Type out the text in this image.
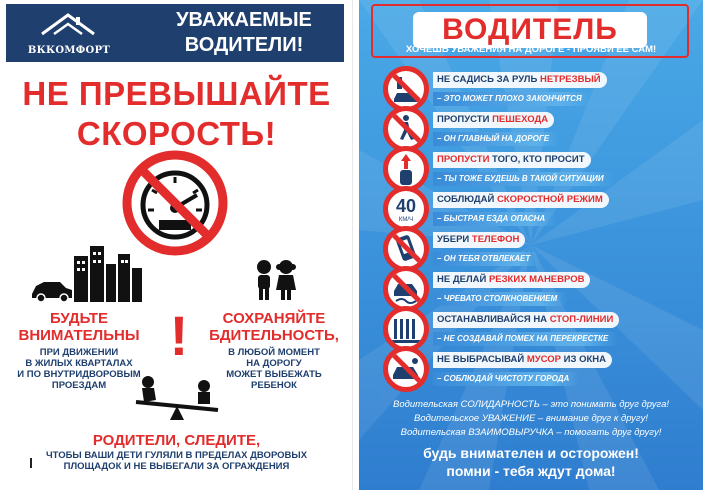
ВККОМФОРТ
УВАЖАЕМЫЕ ВОДИТЕЛИ!
НЕ ПРЕВЫШАЙТЕ
СКОРОСТЬ!
БУДЬТЕ
ВНИМАТЕЛЬНЫ
ПРИ ДВИЖЕНИИ
В ЖИЛЫХ КВАРТАЛАХ
И ПО ВНУТРИДВОРОВЫМ
ПРОЕЗДАМ
!	СОХРАНЯЙТЕ
БДИТЕЛЬНОСТЬ,
В ЛЮБОЙ МОМЕНТ
НА ДОРОГУ
МОЖЕТ ВЫБЕЖАТЬ
РЕБЕНОК
РОДИТЕЛИ, СЛЕДИТЕ,
ЧТОБЫ ВАШИ ДЕТИ ГУЛЯЛИ В ПРЕДЕЛАХ ДВОРОВЫХ
ПЛОЩАДОК И НЕ ВЫБЕГАЛИ ЗА ОГРАЖДЕНИЯ
ВОДИТЕЛЬ
ХОЧЕШЬ УВАЖЕНИЯ НА ДОРОГЕ - ПРОЯВИ ЕЕ САМ!
НЕ САДИСЬ ЗА РУЛЬ НЕТРЕЗВЫЙ
– ЭТО МОЖЕТ ПЛОХО ЗАКОНЧИТСЯ
ПРОПУСТИ ПЕШЕХОДА
– ОН ГЛАВНЫЙ НА ДОРОГЕ
ПРОПУСТИ ТОГО, КТО ПРОСИТ
– ТЫ ТОЖЕ БУДЕШЬ В ТАКОЙ СИТУАЦИИ
40
КМ/Ч
СОБЛЮДАЙ СКОРОСТНОЙ РЕЖИМ
– БЫСТРАЯ ЕЗДА ОПАСНА
УБЕРИ ТЕЛЕФОН
– ОН ТЕБЯ ОТВЛЕКАЕТ
НЕ ДЕЛАЙ РЕЗКИХ МАНЕВРОВ
– ЧРЕВАТО СТОЛКНОВЕНИЕМ
ОСТАНАВЛИВАЙСЯ НА СТОП-ЛИНИИ
– НЕ СОЗДАВАЙ ПОМЕХ НА ПЕРЕКРЕСТКЕ
НЕ ВЫБРАСЫВАЙ МУСОР ИЗ ОКНА
– СОБЛЮДАЙ ЧИСТОТУ ГОРОДА
Водительская СОЛИДАРНОСТЬ – это понимать друг друга!
Водительское УВАЖЕНИЕ – внимание друг к другу!
Водительская ВЗАИМОВЫРУЧКА – помогать друг другу!
будь внимателен и осторожен!
помни - тебя ждут дома!
